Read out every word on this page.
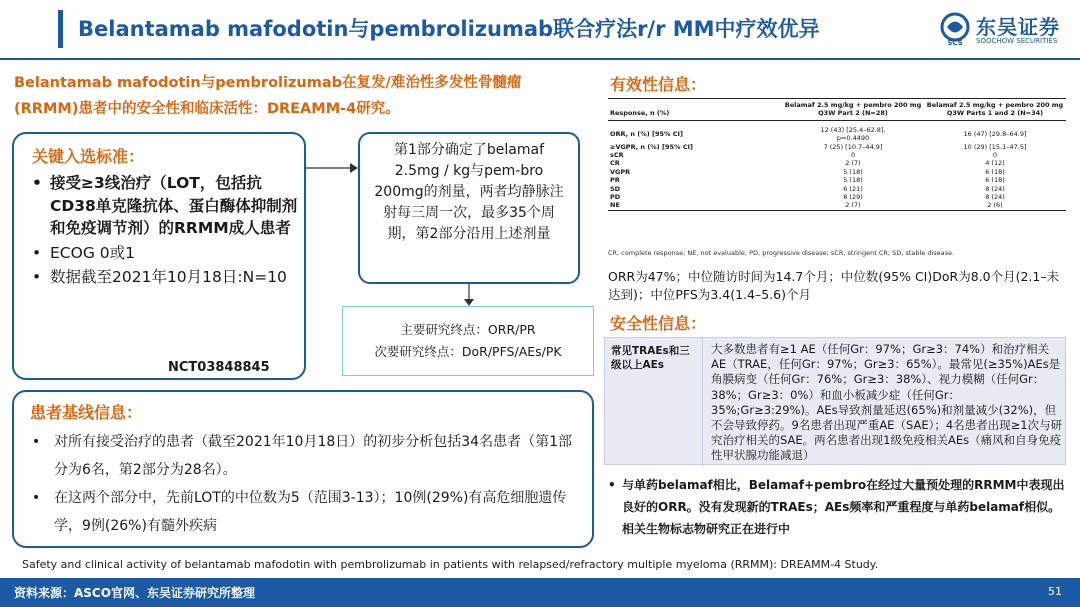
Belantamab mafodotin与pembrolizumab联合疗法r/r MM中疗效优异
SCS
东吴证券
SOOCHOW SECURITIES
Belantamab mafodotin与pembrolizumab在复发/难治性多发性骨髓瘤(RRMM)患者中的安全性和临床活性：DREAMM-4研究。
关键入选标准：
• 接受≥3线治疗（LOT，包括抗CD38单克隆抗体、蛋白酶体抑制剂和免疫调节剂）的RRMM成人患者
• ECOG 0或1
• 数据截至2021年10月18日:N=10
NCT03848845
第1部分确定了belamaf 2.5mg / kg与pem-bro 200mg的剂量，两者均静脉注射每三周一次，最多35个周期，第2部分沿用上述剂量
主要研究终点：ORR/PR
次要研究终点：DoR/PFS/AEs/PK
患者基线信息：
• 对所有接受治疗的患者（截至2021年10月18日）的初步分析包括34名患者（第1部分为6名，第2部分为28名）。
• 在这两个部分中，先前LOT的中位数为5（范围3-13）；10例(29%)有高危细胞遗传学，9例(26%)有髓外疾病
有效性信息：
Response, n (%)	Belamaf 2.5 mg/kg + pembro 200 mg Q3W Part 2 (N=28)	Belamaf 2.5 mg/kg + pembro 200 mg Q3W Parts 1 and 2 (N=34)
ORR, n (%) [95% CI]	12 (43) [25.4–62.8],
p=0.4490	16 (47) [29.8–64.9]
≥VGPR, n (%) [95% CI]	7 (25) [10.7–44.9]	10 (29) [15.1–47.5]
sCR	0	0
CR	2 (7)	4 (12)
VGPR	5 (18)	6 (18)
PR	5 (18)	6 (18)
SD	6 (21)	8 (24)
PD	8 (29)	8 (24)
NE	2 (7)	2 (6)
CR, complete response; NE, not evaluable; PD, progressive disease; sCR, stringent CR; SD, stable disease.
ORR为47%；中位随访时间为14.7个月；中位数(95% CI)DoR为8.0个月(2.1–未达到)；中位PFS为3.4(1.4–5.6)个月
安全性信息：
常见TRAEs和三级以上AEs
大多数患者有≥1 AE（任何Gr：97%；Gr≥3：74%）和治疗相关AE（TRAE，任何Gr：97%；Gr≥3：65%）。最常见(≥35%)AEs是角膜病变（任何Gr：76%；Gr≥3：38%）、视力模糊（任何Gr：38%；Gr≥3：0%）和血小板减少症（任何Gr：35%;Gr≥3:29%)。AEs导致剂量延迟(65%)和剂量减少(32%)，但不会导致停药。9名患者出现严重AE（SAE）；4名患者出现≥1次与研究治疗相关的SAE。两名患者出现1级免疫相关AEs（痛风和自身免疫性甲状腺功能减退）
• 与单药belamaf相比，Belamaf+pembro在经过大量预处理的RRMM中表现出良好的ORR。没有发现新的TRAEs；AEs频率和严重程度与单药belamaf相似。相关生物标志物研究正在进行中
Safety and clinical activity of belantamab mafodotin with pembrolizumab in patients with relapsed/refractory multiple myeloma (RRMM): DREAMM-4 Study.
资料来源：ASCO官网、东吴证券研究所整理	51
